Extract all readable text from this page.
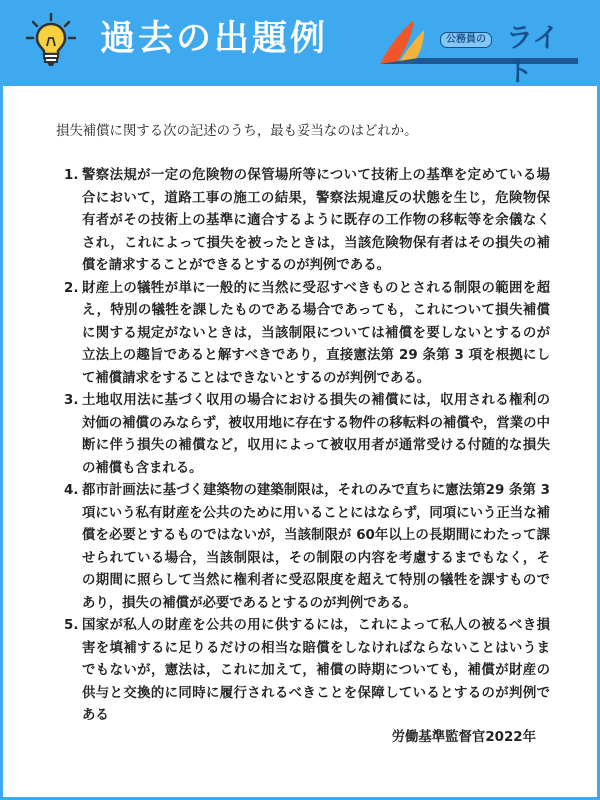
過去の出題例	公務員の ライト
損失補償に関する次の記述のうち，最も妥当なのはどれか。
1. 警察法規が一定の危険物の保管場所等について技術上の基準を定めている場合において，道路工事の施工の結果，警察法規違反の状態を生じ，危険物保有者がその技術上の基準に適合するように既存の工作物の移転等を余儀なくされ，これによって損失を被ったときは，当該危険物保有者はその損失の補償を請求することができるとするのが判例である。
2. 財産上の犠牲が単に一般的に当然に受忍すべきものとされる制限の範囲を超え，特別の犠牲を課したものである場合であっても，これについて損失補償に関する規定がないときは，当該制限については補償を要しないとするのが立法上の趣旨であると解すべきであり，直接憲法第 29 条第 3 項を根拠にして補償請求をすることはできないとするのが判例である。
3. 土地収用法に基づく収用の場合における損失の補償には，収用される権利の対価の補償のみならず，被収用地に存在する物件の移転料の補償や，営業の中断に伴う損失の補償など，収用によって被収用者が通常受ける付随的な損失の補償も含まれる。
4. 都市計画法に基づく建築物の建築制限は，それのみで直ちに憲法第29 条第 3 項にいう私有財産を公共のために用いることにはならず，同項にいう正当な補償を必要とするものではないが，当該制限が 60年以上の長期間にわたって課せられている場合，当該制限は，その制限の内容を考慮するまでもなく，その期間に照らして当然に権利者に受忍限度を超えて特別の犠牲を課すものであり，損失の補償が必要であるとするのが判例である。
5. 国家が私人の財産を公共の用に供するには，これによって私人の被るべき損害を填補するに足りるだけの相当な賠償をしなければならないことはいうまでもないが，憲法は，これに加えて，補償の時期についても，補償が財産の供与と交換的に同時に履行されるべきことを保障しているとするのが判例である
労働基準監督官2022年
